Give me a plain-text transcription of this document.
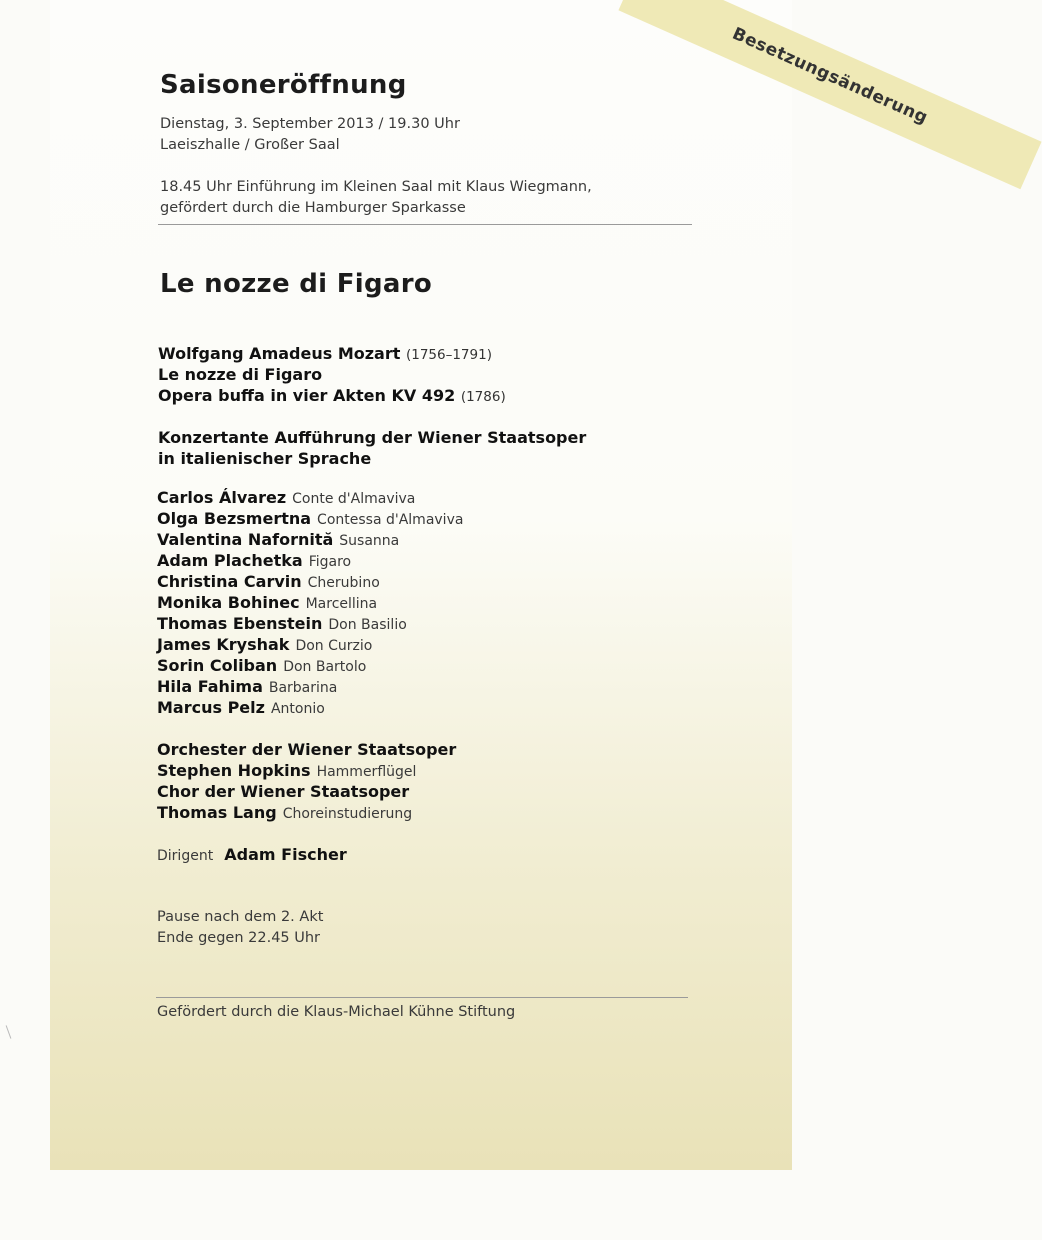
Besetzungsänderung
Saisoneröffnung
Dienstag, 3. September 2013 / 19.30 Uhr
Laeiszhalle / Großer Saal
18.45 Uhr Einführung im Kleinen Saal mit Klaus Wiegmann,
gefördert durch die Hamburger Sparkasse
Le nozze di Figaro
Wolfgang Amadeus Mozart (1756–1791)
Le nozze di Figaro
Opera buffa in vier Akten KV 492 (1786)
Konzertante Aufführung der Wiener Staatsoper
in italienischer Sprache
Carlos Álvarez Conte d'Almaviva
Olga Bezsmertna Contessa d'Almaviva
Valentina Nafornită Susanna
Adam Plachetka Figaro
Christina Carvin Cherubino
Monika Bohinec Marcellina
Thomas Ebenstein Don Basilio
James Kryshak Don Curzio
Sorin Coliban Don Bartolo
Hila Fahima Barbarina
Marcus Pelz Antonio
Orchester der Wiener Staatsoper
Stephen Hopkins Hammerflügel
Chor der Wiener Staatsoper
Thomas Lang Choreinstudierung
Dirigent Adam Fischer
Pause nach dem 2. Akt
Ende gegen 22.45 Uhr
Gefördert durch die Klaus-Michael Kühne Stiftung
